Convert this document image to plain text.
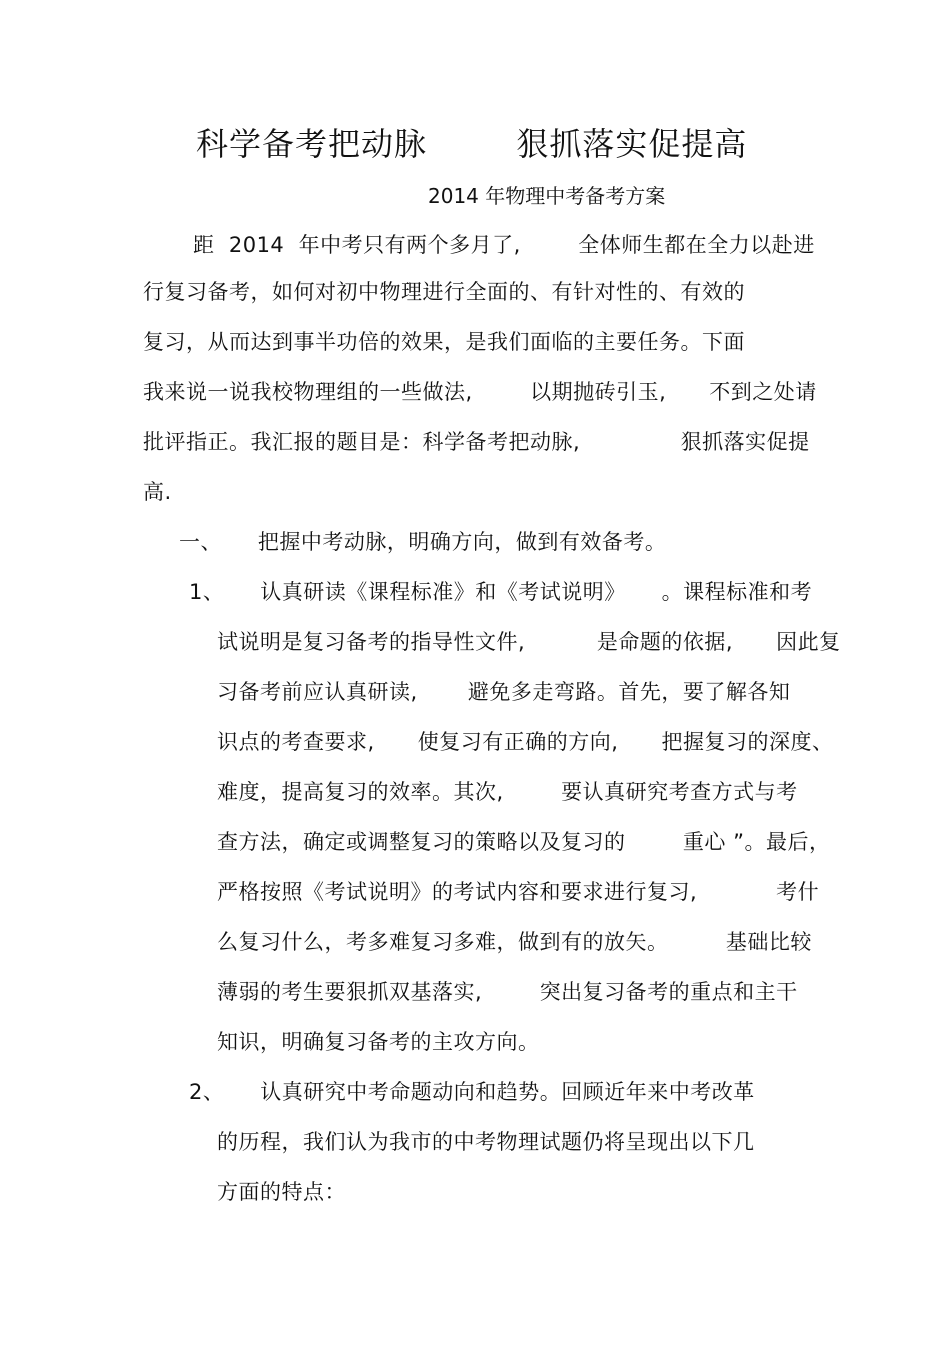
科学备考把动脉        狠抓落实促提高
2014 年物理中考备考方案
距  2014  年中考只有两个多月了,        全体师生都在全力以赴进
行复习备考，如何对初中物理进行全面的、有针对性的、有效的
复习，从而达到事半功倍的效果，是我们面临的主要任务。下面
我来说一说我校物理组的一些做法,        以期抛砖引玉,      不到之处请
批评指正。我汇报的题目是：科学备考把动脉,              狠抓落实促提
高.
一、     把握中考动脉，明确方向，做到有效备考。
1、     认真研读《课程标准》和《考试说明》     。课程标准和考
试说明是复习备考的指导性文件,          是命题的依据,      因此复
习备考前应认真研读,       避免多走弯路。首先，要了解各知
识点的考查要求,      使复习有正确的方向,      把握复习的深度、
难度，提高复习的效率。其次,        要认真研究考查方式与考
查方法，确定或调整复习的策略以及复习的        重心 ”。最后，
严格按照《考试说明》的考试内容和要求进行复习,           考什
么复习什么，考多难复习多难，做到有的放矢。        基础比较
薄弱的考生要狠抓双基落实,        突出复习备考的重点和主干
知识，明确复习备考的主攻方向。
2、     认真研究中考命题动向和趋势。回顾近年来中考改革
的历程，我们认为我市的中考物理试题仍将呈现出以下几
方面的特点：
